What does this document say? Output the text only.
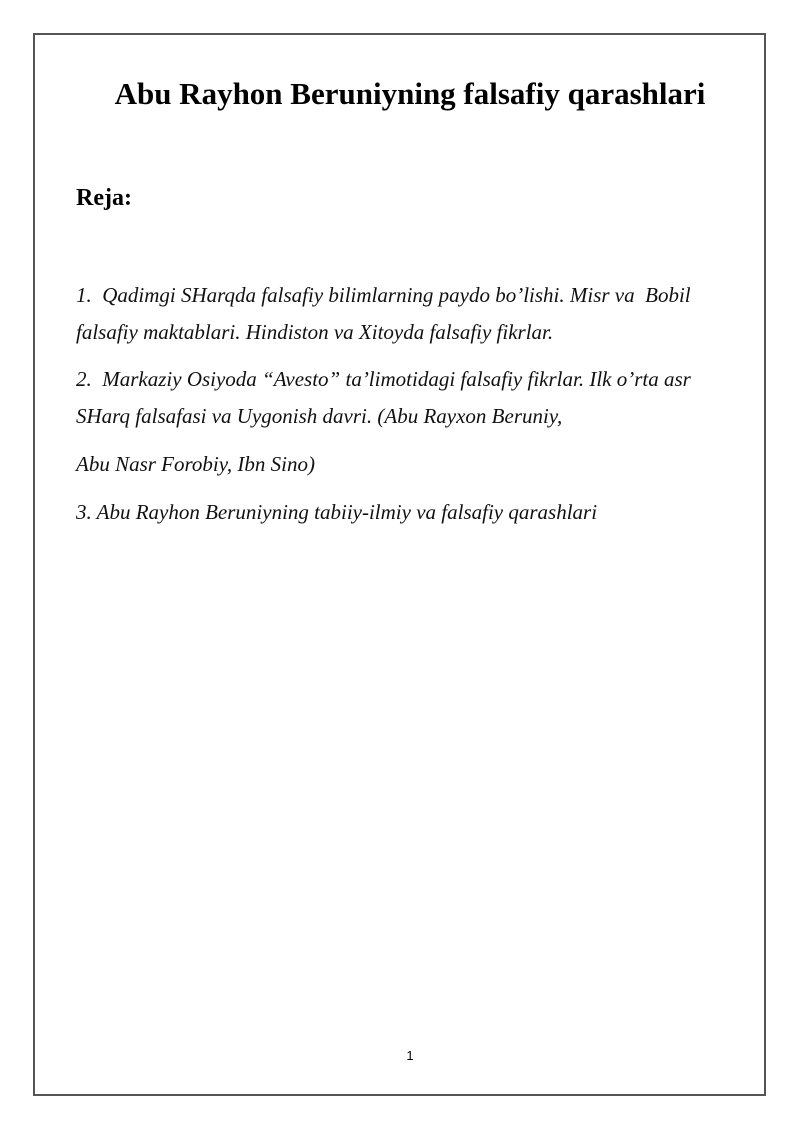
Abu Rayhon Beruniyning falsafiy qarashlari
Reja:
1.  Qadimgi SHarqda falsafiy bilimlarning paydo bo’lishi. Misr va  Bobil
falsafiy maktablari. Hindiston va Xitoyda falsafiy fikrlar.
2.  Markaziy Osiyoda “Avesto” ta’limotidagi falsafiy fikrlar. Ilk o’rta asr
SHarq falsafasi va Uygonish davri. (Abu Rayxon Beruniy,
Abu Nasr Forobiy, Ibn Sino)
3. Abu Rayhon Beruniyning tabiiy-ilmiy va falsafiy qarashlari
1
